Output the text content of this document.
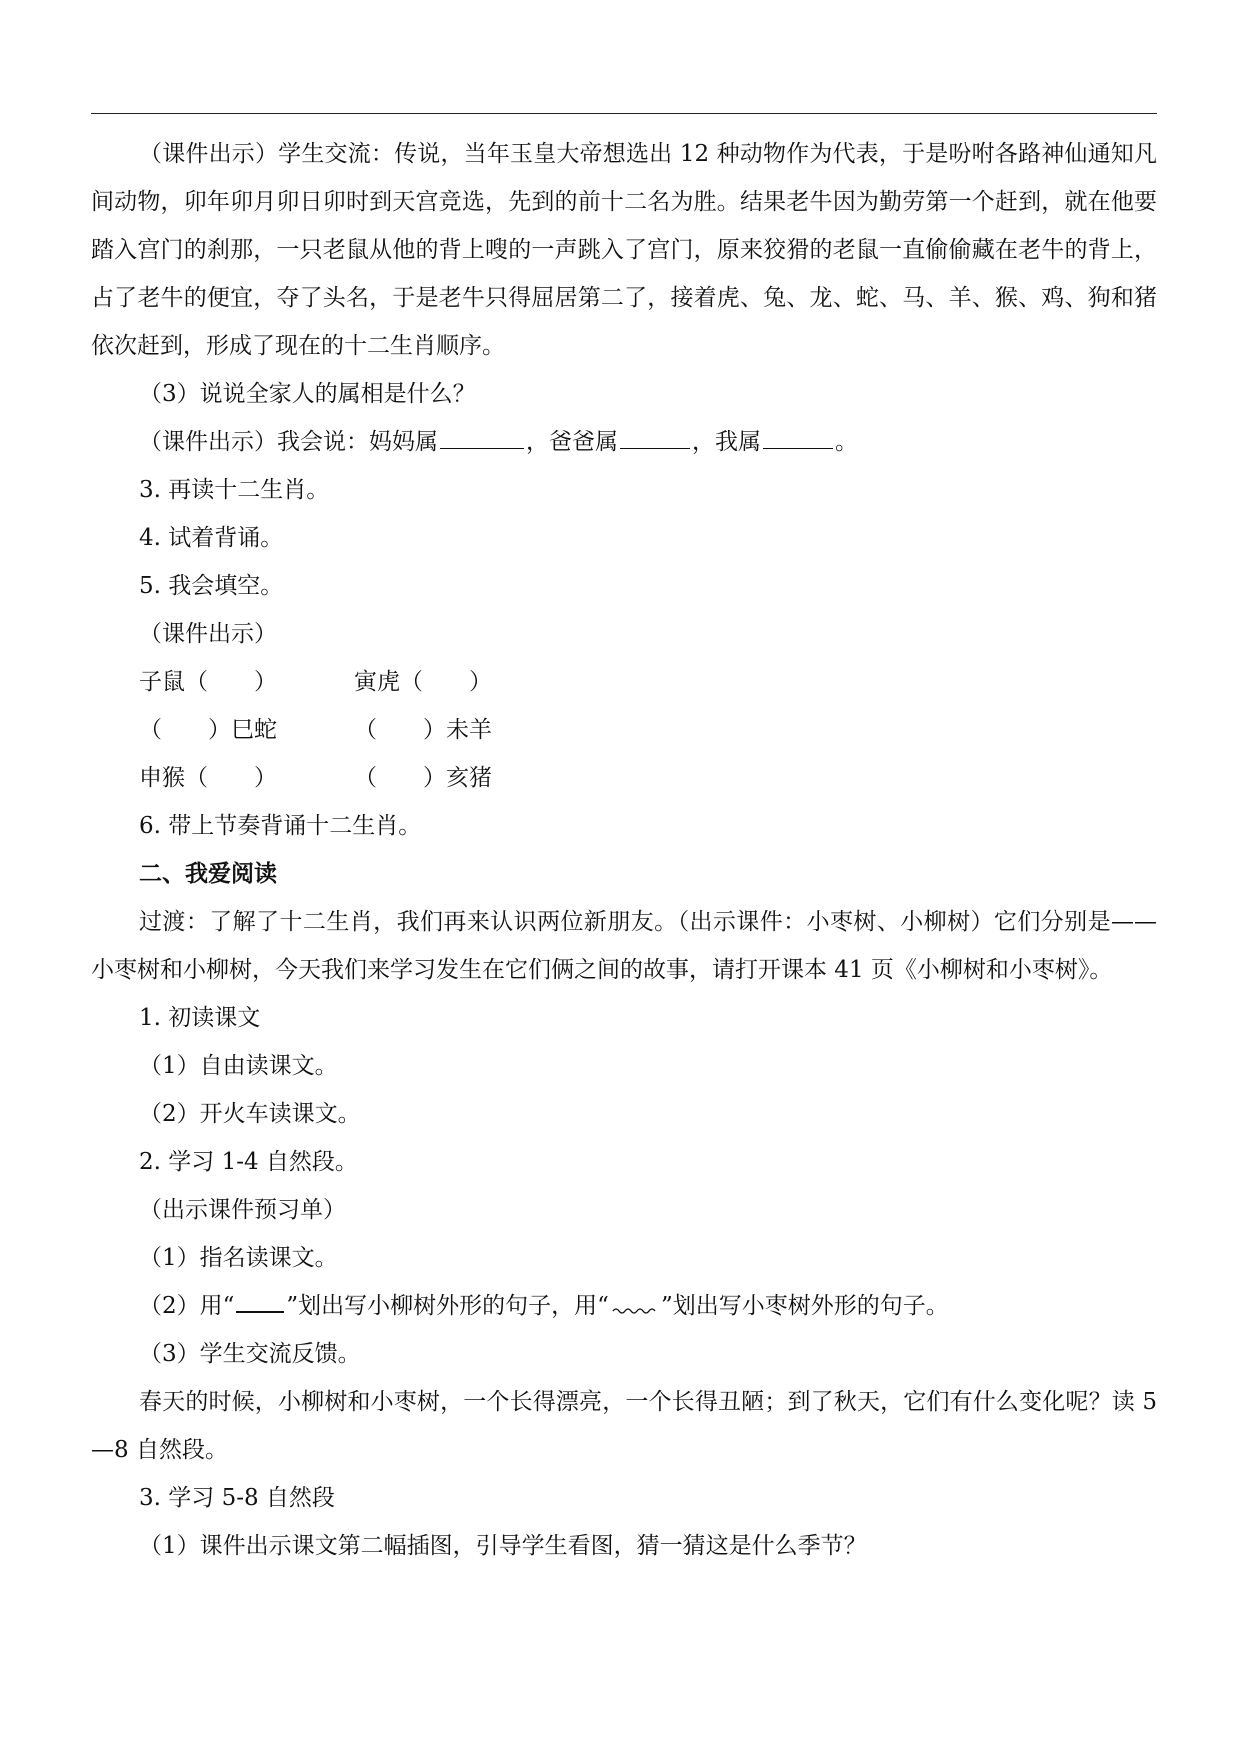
（课件出示）学生交流：传说，当年玉皇大帝想选出 12 种动物作为代表，于是吩咐各路神仙通知凡间动物，卯年卯月卯日卯时到天宫竞选，先到的前十二名为胜。结果老牛因为勤劳第一个赶到，就在他要踏入宫门的刹那，一只老鼠从他的背上嗖的一声跳入了宫门，原来狡猾的老鼠一直偷偷藏在老牛的背上，占了老牛的便宜，夺了头名，于是老牛只得屈居第二了，接着虎、兔、龙、蛇、马、羊、猴、鸡、狗和猪依次赶到，形成了现在的十二生肖顺序。

（3）说说全家人的属相是什么？

（课件出示）我会说：妈妈属	，爸爸属	，我属	。

3. 再读十二生肖。

4. 试着背诵。

5. 我会填空。

（课件出示）

子鼠（　　）	寅虎（　　）
（　　）巳蛇	（　　）未羊
申猴（　　）	（　　）亥猪

6. 带上节奏背诵十二生肖。

二、我爱阅读

过渡：了解了十二生肖，我们再来认识两位新朋友。（出示课件：小枣树、小柳树）它们分别是——小枣树和小柳树，今天我们来学习发生在它们俩之间的故事，请打开课本 41 页《小柳树和小枣树》。

1. 初读课文

（1）自由读课文。

（2）开火车读课文。

2. 学习 1-4 自然段。

（出示课件预习单）

（1）指名读课文。

（2）用“ ”划出写小柳树外形的句子，用“ ”划出写小枣树外形的句子。

（3）学生交流反馈。

春天的时候，小柳树和小枣树，一个长得漂亮，一个长得丑陋；到了秋天，它们有什么变化呢？读 5—8 自然段。

3. 学习 5-8 自然段

（1）课件出示课文第二幅插图，引导学生看图，猜一猜这是什么季节？
